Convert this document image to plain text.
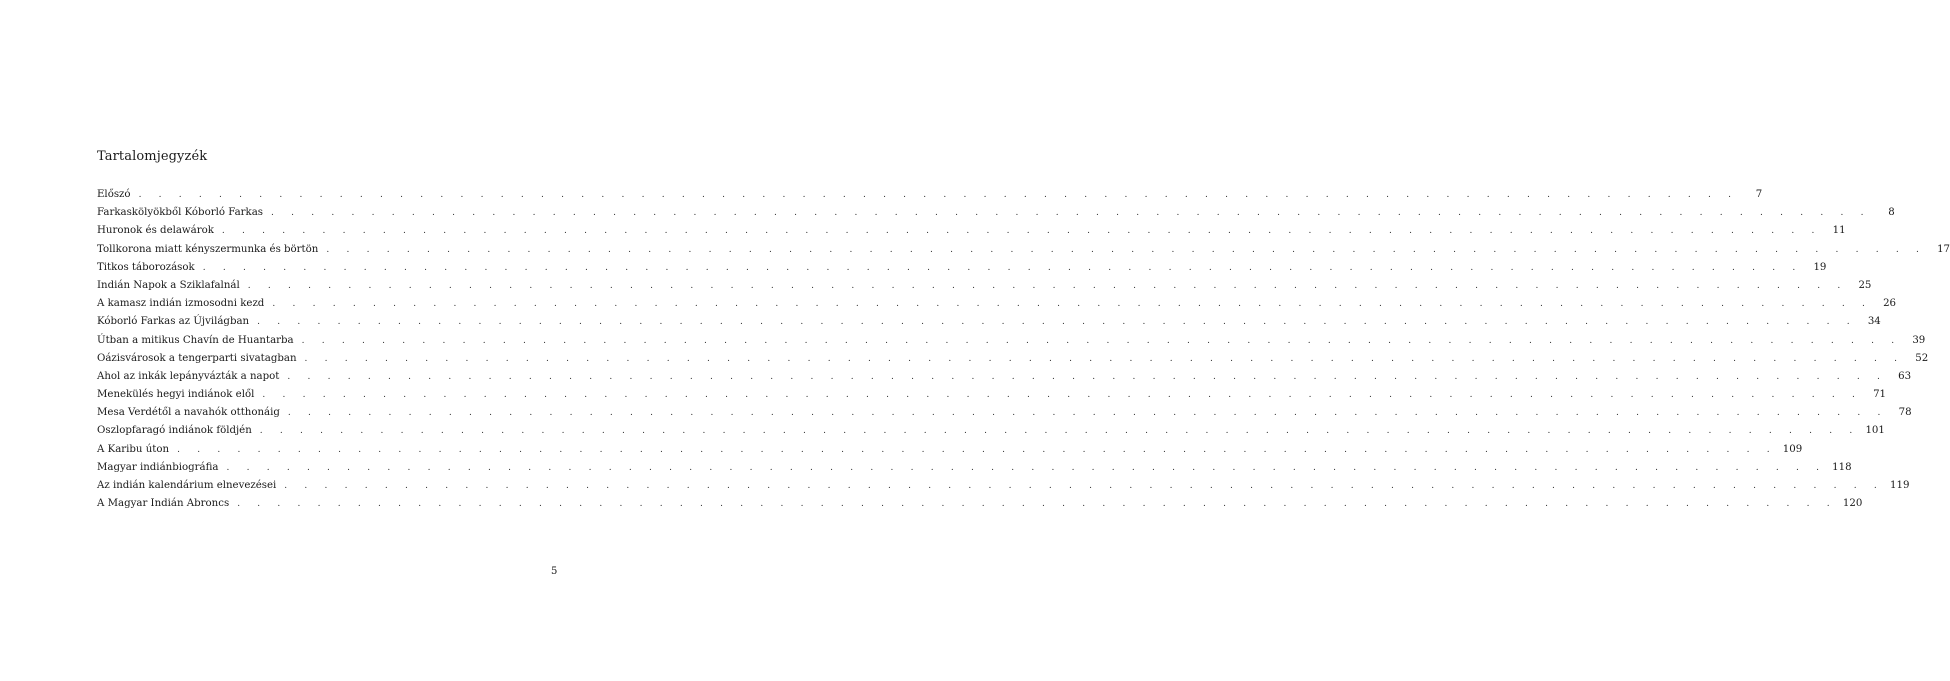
Tartalomjegyzék
Előszó . . . . . . . . . . . . . . . . . . . . . . . . . . . . . . . . . . . . . . . . . . . . . . . . . . . . . . . . . . . . . . . . . . . . . . . . . . . . . . . .	7
Farkaskölyökből Kóborló Farkas . . . . . . . . . . . . . . . . . . . . . . . . . . . . . . . . . . . . . . . . . . . . . . . . . . . . . . . . . . . . . . . . . . . . . . . . . . . . . . . .	8
Huronok és delawárok . . . . . . . . . . . . . . . . . . . . . . . . . . . . . . . . . . . . . . . . . . . . . . . . . . . . . . . . . . . . . . . . . . . . . . . . . . . . . . . .	11
Tollkorona miatt kényszermunka és börtön . . . . . . . . . . . . . . . . . . . . . . . . . . . . . . . . . . . . . . . . . . . . . . . . . . . . . . . . . . . . . . . . . . . . . . . . . . . . . . . .	17
Titkos táborozások . . . . . . . . . . . . . . . . . . . . . . . . . . . . . . . . . . . . . . . . . . . . . . . . . . . . . . . . . . . . . . . . . . . . . . . . . . . . . . . .	19
Indián Napok a Sziklafalnál . . . . . . . . . . . . . . . . . . . . . . . . . . . . . . . . . . . . . . . . . . . . . . . . . . . . . . . . . . . . . . . . . . . . . . . . . . . . . . . .	25
A kamasz indián izmosodni kezd . . . . . . . . . . . . . . . . . . . . . . . . . . . . . . . . . . . . . . . . . . . . . . . . . . . . . . . . . . . . . . . . . . . . . . . . . . . . . . . .	26
Kóborló Farkas az Újvilágban . . . . . . . . . . . . . . . . . . . . . . . . . . . . . . . . . . . . . . . . . . . . . . . . . . . . . . . . . . . . . . . . . . . . . . . . . . . . . . . .	34
Útban a mitikus Chavín de Huantarba . . . . . . . . . . . . . . . . . . . . . . . . . . . . . . . . . . . . . . . . . . . . . . . . . . . . . . . . . . . . . . . . . . . . . . . . . . . . . . . .	39
Oázisvárosok a tengerparti sivatagban . . . . . . . . . . . . . . . . . . . . . . . . . . . . . . . . . . . . . . . . . . . . . . . . . . . . . . . . . . . . . . . . . . . . . . . . . . . . . . . .	52
Ahol az inkák lepányvázták a napot . . . . . . . . . . . . . . . . . . . . . . . . . . . . . . . . . . . . . . . . . . . . . . . . . . . . . . . . . . . . . . . . . . . . . . . . . . . . . . . .	63
Menekülés hegyi indiánok elől . . . . . . . . . . . . . . . . . . . . . . . . . . . . . . . . . . . . . . . . . . . . . . . . . . . . . . . . . . . . . . . . . . . . . . . . . . . . . . . .	71
Mesa Verdétől a navahók otthonáig . . . . . . . . . . . . . . . . . . . . . . . . . . . . . . . . . . . . . . . . . . . . . . . . . . . . . . . . . . . . . . . . . . . . . . . . . . . . . . . .	78
Oszlopfaragó indiánok földjén . . . . . . . . . . . . . . . . . . . . . . . . . . . . . . . . . . . . . . . . . . . . . . . . . . . . . . . . . . . . . . . . . . . . . . . . . . . . . . . . 101
A Karibu úton . . . . . . . . . . . . . . . . . . . . . . . . . . . . . . . . . . . . . . . . . . . . . . . . . . . . . . . . . . . . . . . . . . . . . . . . . . . . . . . . 109
Magyar indiánbiográfia . . . . . . . . . . . . . . . . . . . . . . . . . . . . . . . . . . . . . . . . . . . . . . . . . . . . . . . . . . . . . . . . . . . . . . . . . . . . . . . . 118
Az indián kalendárium elnevezései . . . . . . . . . . . . . . . . . . . . . . . . . . . . . . . . . . . . . . . . . . . . . . . . . . . . . . . . . . . . . . . . . . . . . . . . . . . . . . . . 119
A Magyar Indián Abroncs . . . . . . . . . . . . . . . . . . . . . . . . . . . . . . . . . . . . . . . . . . . . . . . . . . . . . . . . . . . . . . . . . . . . . . . . . . . . . . . . 120

5
